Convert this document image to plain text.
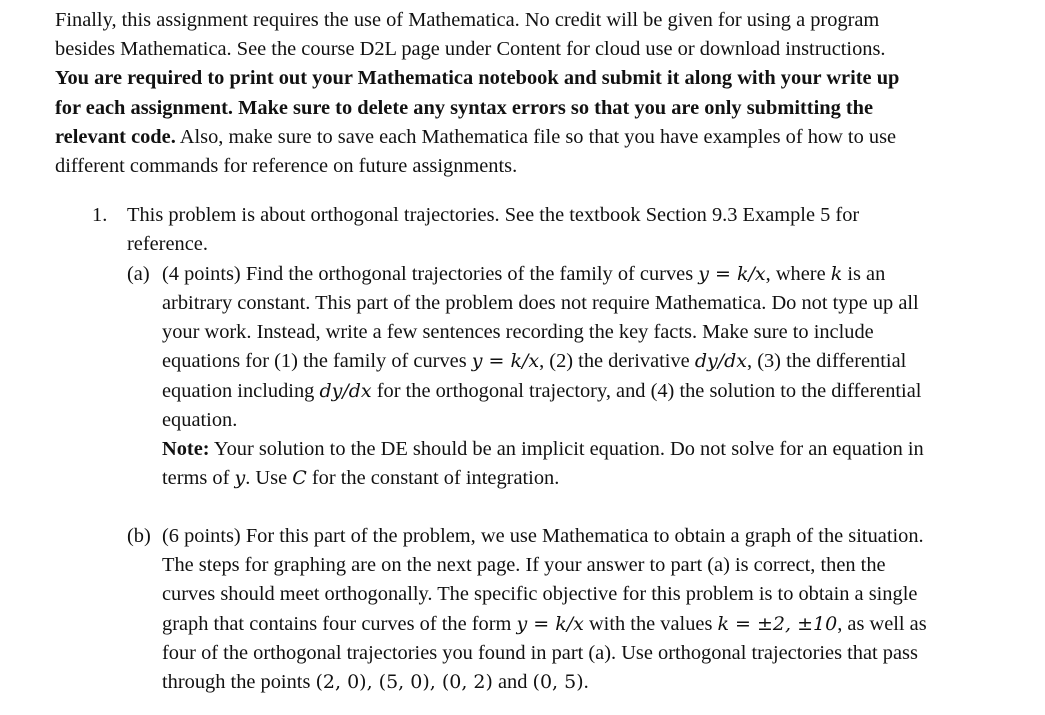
Finally, this assignment requires the use of Mathematica. No credit will be given for using a program
besides Mathematica. See the course D2L page under Content for cloud use or download instructions.
You are required to print out your Mathematica notebook and submit it along with your write up
for each assignment. Make sure to delete any syntax errors so that you are only submitting the
relevant code. Also, make sure to save each Mathematica file so that you have examples of how to use
different commands for reference on future assignments.
1. This problem is about orthogonal trajectories. See the textbook Section 9.3 Example 5 for
reference.
(a) (4 points) Find the orthogonal trajectories of the family of curves y = k/x, where k is an
arbitrary constant. This part of the problem does not require Mathematica. Do not type up all
your work. Instead, write a few sentences recording the key facts. Make sure to include
equations for (1) the family of curves y = k/x, (2) the derivative dy/dx, (3) the differential
equation including dy/dx for the orthogonal trajectory, and (4) the solution to the differential
equation.
Note: Your solution to the DE should be an implicit equation. Do not solve for an equation in
terms of y. Use C for the constant of integration.
(b) (6 points) For this part of the problem, we use Mathematica to obtain a graph of the situation.
The steps for graphing are on the next page. If your answer to part (a) is correct, then the
curves should meet orthogonally. The specific objective for this problem is to obtain a single
graph that contains four curves of the form y = k/x with the values k = ±2, ±10, as well as
four of the orthogonal trajectories you found in part (a). Use orthogonal trajectories that pass
through the points (2, 0), (5, 0), (0, 2) and (0, 5).
